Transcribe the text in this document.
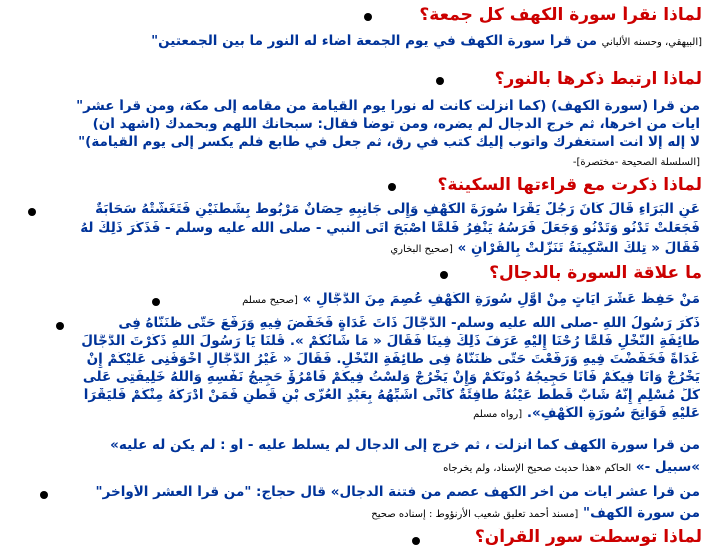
لماذا نقرأ سورة الكهف كل جمعة؟
[البيهقي، وحسنه الألباني من قرأ سورة الكهف في يوم الجمعة أضاء له النور ما بين الجمعتين"
لماذا ارتبط ذكرها بالنور؟
من قرأ (سورة الكهف) (كما أنزلت كانت له نوراً يوم القيامة من مقامه إلى مكة، ومن قرأ عشر"
آيات من آخرها، ثم خرج الدجال لم يضره، ومن توضأ فقال: سبحانك اللهم وبحمدك (أشهد أن)
لا إله إلا أنت أستغفرك وأتوب إليك كتب في رق، ثم جعل في طابع فلم يكسر إلى يوم القيامة)"
[السلسلة الصحيحة -مختصرة]-
لماذا ذكرت مع قراءتها السكينة؟
عَنِ الْبَرَاءِ قَالَ كَانَ رَجُلٌ يَقْرَأُ سُورَةَ الْكَهْفِ وَإِلَى جَانِبِهِ حِصَانٌ مَرْبُوطٌ بِشَطَنَيْنِ فَتَغَشَّتْهُ سَحَابَةٌ
فَجَعَلَتْ تَدْنُو وَتَدْنُو وَجَعَلَ فَرَسُهُ يَنْفِرُ فَلَمَّا أَصْبَحَ أَتَى النبي - صلى الله عليه وسلم - فَذَكَرَ ذَلِكَ لَهُ
فَقَالَ « تِلْكَ السَّكِينَةُ تَنَزَّلَتْ بِالْقُرْآنِ » [صحيح البخاري
ما علاقة السورة بالدجال؟
مَنْ حَفِظَ عَشْرَ آيَاتٍ مِنْ أَوَّلِ سُورَةِ الْكَهْفِ عُصِمَ مِنَ الدَّجَّالِ » [صحيح مسلم
ذَكَرَ رَسُولُ اللَّهِ -صلى الله عليه وسلم- الدَّجَّالَ ذَاتَ غَدَاةٍ فَخَفَّضَ فِيهِ وَرَفَّعَ حَتَّى ظَنَنَّاهُ فِى
طَائِفَةِ النَّخْلِ فَلَمَّا رُحْنَا إِلَيْهِ عَرَفَ ذَلِكَ فِينَا فَقَالَ « مَا شَأْنُكُمْ ». قُلْنَا يَا رَسُولَ اللَّهِ ذَكَرْتَ الدَّجَّالَ
غَدَاةً فَخَفَّضْتَ فِيهِ وَرَفَّعْتَ حَتَّى ظَنَنَّاهُ فِى طَائِفَةِ النَّخْلِ. فَقَالَ « غَيْرُ الدَّجَّالِ أَخْوَفُنِى عَلَيْكُمْ إِنْ
يَخْرُجْ وَأَنَا فِيكُمْ فَأَنَا حَجِيجُهُ دُونَكُمْ وَإِنْ يَخْرُجْ وَلَسْتُ فِيكُمْ فَامْرُؤٌ حَجِيجُ نَفْسِهِ وَاللَّهُ خَلِيفَتِى عَلَى
كُلِّ مُسْلِمٍ إِنَّهُ شَابٌّ قَطَطٌ عَيْنُهُ طَافِئَةٌ كَأَنِّى أُشَبِّهُهُ بِعَبْدِ الْعُزَّى بْنِ قَطَنٍ فَمَنْ أَدْرَكَهُ مِنْكُمْ فَلْيَقْرَأْ
عَلَيْهِ فَوَاتِحَ سُورَةِ الْكَهْفِ». [رواه مسلم
من قرأ سورة الكهف كما أنزلت ، ثم خرج إلى الدجال لم يسلط عليه - أو : لم يكن له عليه»
»سبيل -» الحاكم «هذا حديث صحيح الإسناد، ولم يخرجاه
من قرأ عشر آيات من آخر الكهف عصم من فتنة الدجال» قال حجاج: "من قرأ العشر الأواخر"
من سورة الكهف" [مسند أحمد تعليق شعيب الأرنؤوط : إسناده صحيح
لماذا توسطت سور القرآن؟
